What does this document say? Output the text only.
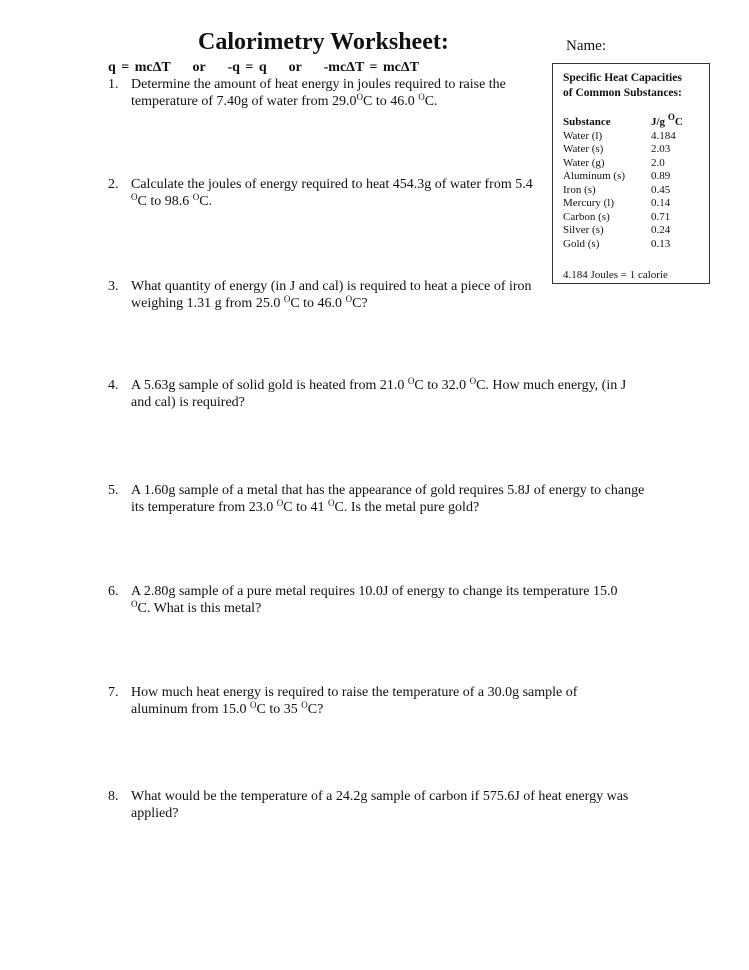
Calorimetry Worksheet:	Name:
q = mcΔT    or    -q = q    or    -mcΔT = mcΔT
1. Determine the amount of heat energy in joules required to raise the temperature of 7.40g of water from $29.0^OC$ to 46.0 $^O$C.
2. Calculate the joules of energy required to heat 454.3g of water from 5.4 $^O$C to 98.6 $^O$C.
3. What quantity of energy (in J and cal) is required to heat a piece of iron weighing 1.31 g from 25.0 $^O$C to 46.0 $^O$C?
4. A 5.63g sample of solid gold is heated from 21.0 $^O$C to 32.0 $^O$C. How much energy, (in J and cal) is required?
5. A 1.60g sample of a metal that has the appearance of gold requires 5.8J of energy to change its temperature from 23.0 $^O$C to 41 $^O$C. Is the metal pure gold?
6. A 2.80g sample of a pure metal requires 10.0J of energy to change its temperature 15.0 $^O$C. What is this metal?
7. How much heat energy is required to raise the temperature of a 30.0g sample of aluminum from 15.0 $^O$C to 35 $^O$C?
8. What would be the temperature of a 24.2g sample of carbon if 575.6J of heat energy was applied?
Specific Heat Capacities
of Common Substances:
Substance	J/g $^O$C
Water (l)	4.184
Water (s)	2.03
Water (g)	2.0
Aluminum (s)	0.89
Iron (s)	0.45
Mercury (l)	0.14
Carbon (s)	0.71
Silver (s)	0.24
Gold (s)	0.13
4.184 Joules = 1 calorie
